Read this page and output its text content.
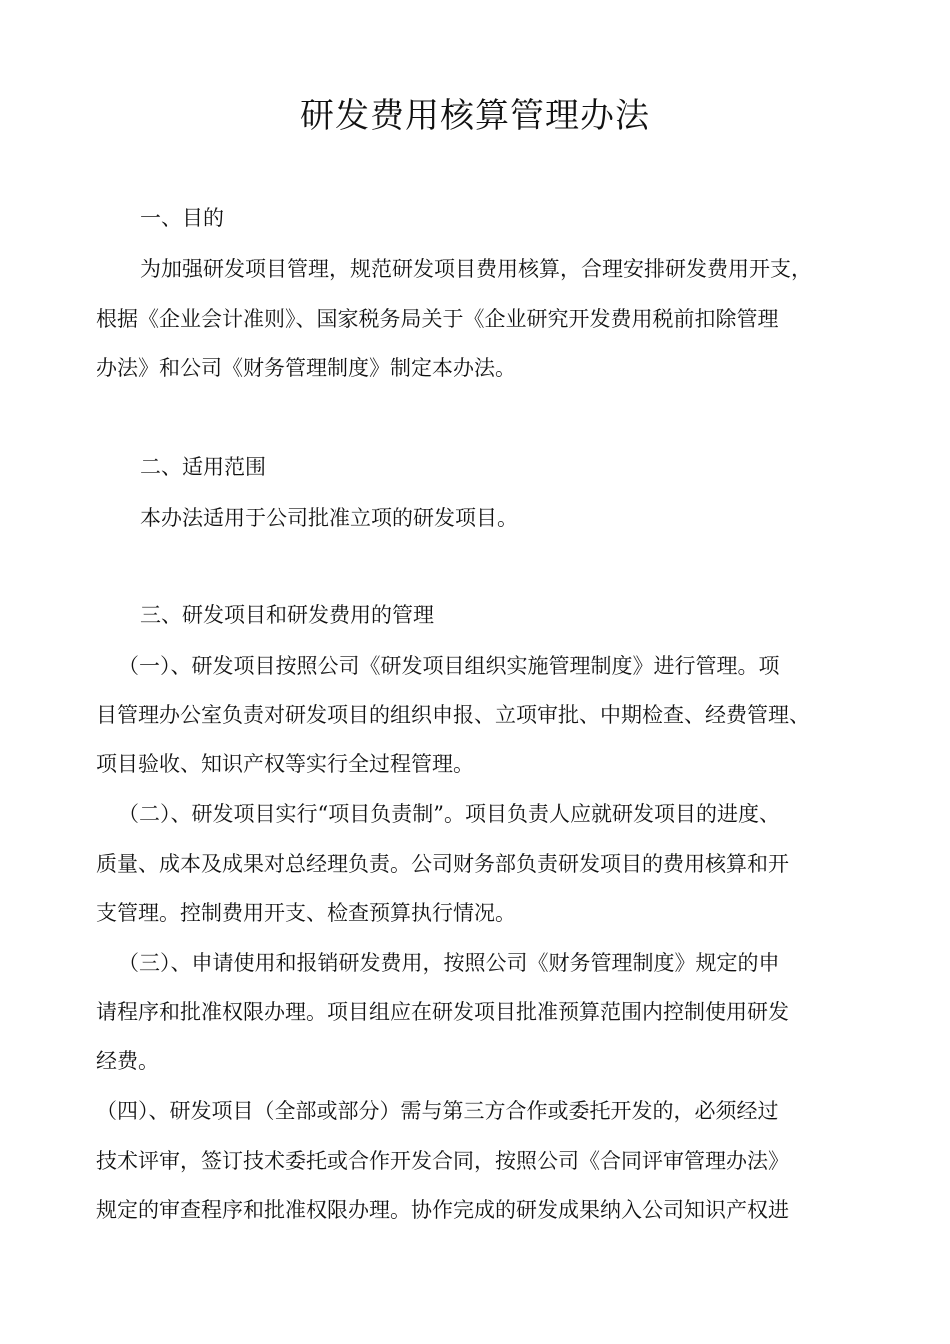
研发费用核算管理办法

一、目的

为加强研发项目管理，规范研发项目费用核算，合理安排研发费用开支，

根据《企业会计准则》、国家税务局关于《企业研究开发费用税前扣除管理

办法》和公司《财务管理制度》制定本办法。

二、适用范围

本办法适用于公司批准立项的研发项目。

三、研发项目和研发费用的管理

（一）、研发项目按照公司《研发项目组织实施管理制度》进行管理。项

目管理办公室负责对研发项目的组织申报、立项审批、中期检查、经费管理、

项目验收、知识产权等实行全过程管理。

（二）、研发项目实行“项目负责制”。项目负责人应就研发项目的进度、

质量、成本及成果对总经理负责。公司财务部负责研发项目的费用核算和开

支管理。控制费用开支、检查预算执行情况。

（三）、申请使用和报销研发费用，按照公司《财务管理制度》规定的申

请程序和批准权限办理。项目组应在研发项目批准预算范围内控制使用研发

经费。

（四）、研发项目（全部或部分）需与第三方合作或委托开发的，必须经过

技术评审，签订技术委托或合作开发合同，按照公司《合同评审管理办法》

规定的审查程序和批准权限办理。协作完成的研发成果纳入公司知识产权进
